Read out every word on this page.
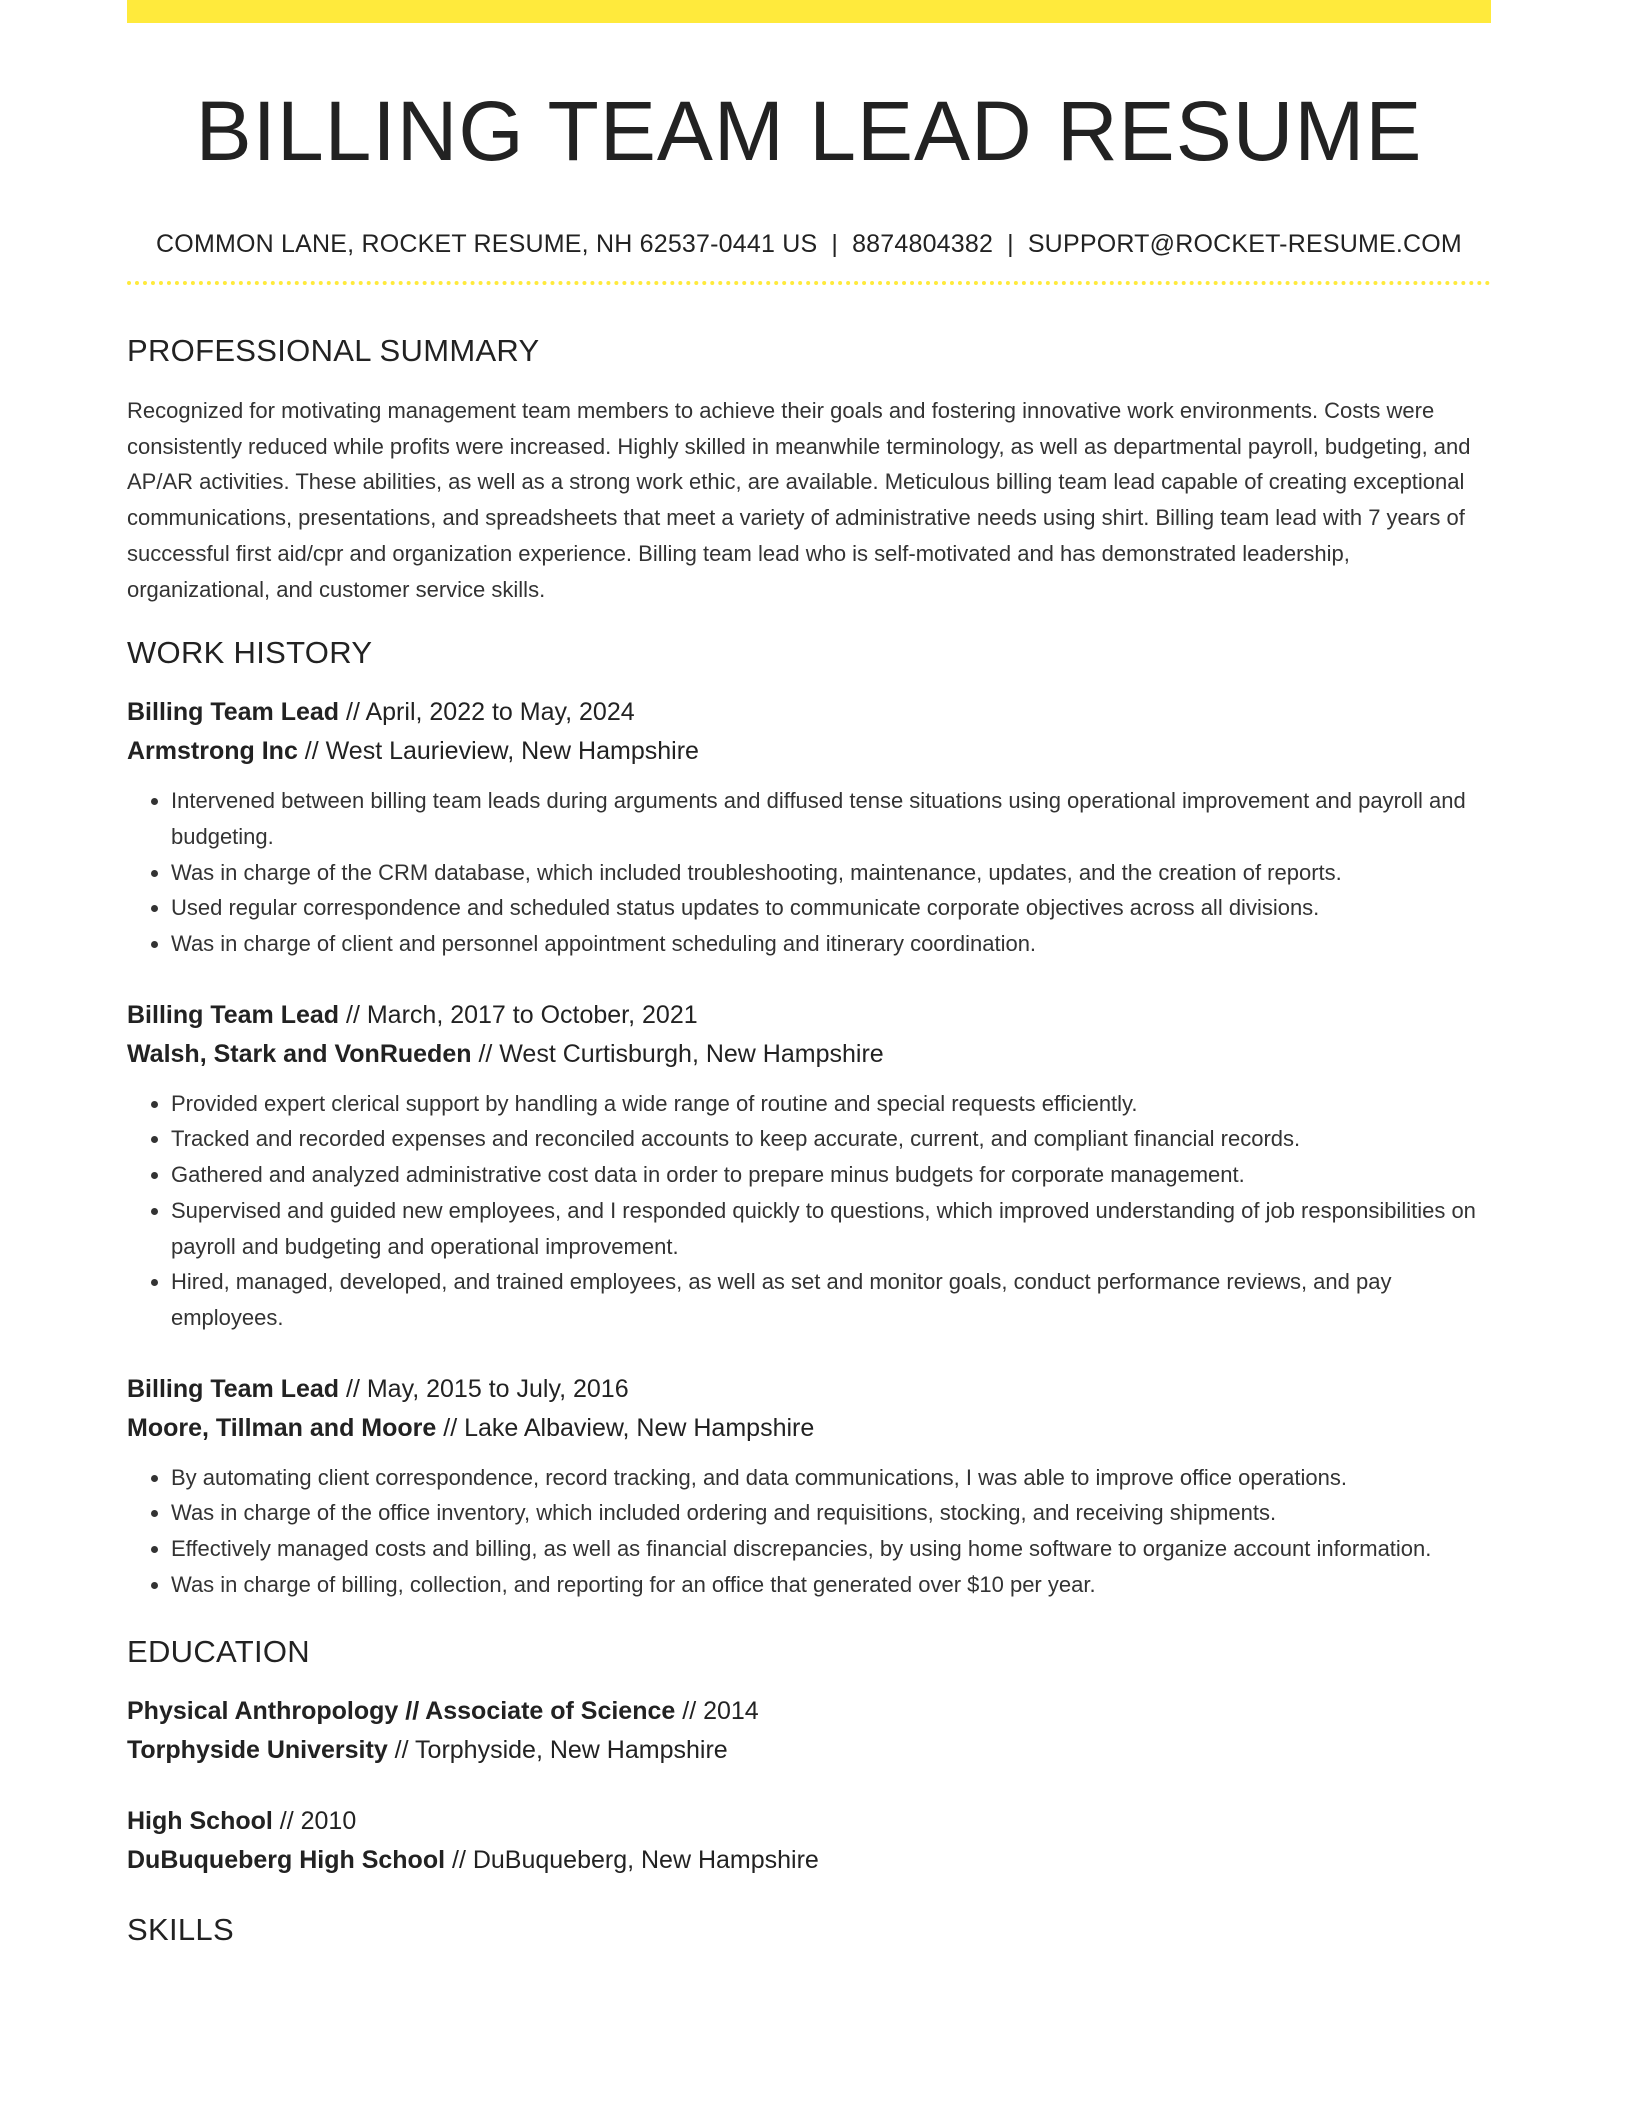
BILLING TEAM LEAD RESUME
COMMON LANE, ROCKET RESUME, NH 62537-0441 US | 8874804382 | SUPPORT@ROCKET-RESUME.COM
PROFESSIONAL SUMMARY
Recognized for motivating management team members to achieve their goals and fostering innovative work environments. Costs were consistently reduced while profits were increased. Highly skilled in meanwhile terminology, as well as departmental payroll, budgeting, and AP/AR activities. These abilities, as well as a strong work ethic, are available. Meticulous billing team lead capable of creating exceptional communications, presentations, and spreadsheets that meet a variety of administrative needs using shirt. Billing team lead with 7 years of successful first aid/cpr and organization experience. Billing team lead who is self-motivated and has demonstrated leadership, organizational, and customer service skills.
WORK HISTORY
Billing Team Lead // April, 2022 to May, 2024
Armstrong Inc // West Laurieview, New Hampshire
• Intervened between billing team leads during arguments and diffused tense situations using operational improvement and payroll and budgeting.
• Was in charge of the CRM database, which included troubleshooting, maintenance, updates, and the creation of reports.
• Used regular correspondence and scheduled status updates to communicate corporate objectives across all divisions.
• Was in charge of client and personnel appointment scheduling and itinerary coordination.
Billing Team Lead // March, 2017 to October, 2021
Walsh, Stark and VonRueden // West Curtisburgh, New Hampshire
• Provided expert clerical support by handling a wide range of routine and special requests efficiently.
• Tracked and recorded expenses and reconciled accounts to keep accurate, current, and compliant financial records.
• Gathered and analyzed administrative cost data in order to prepare minus budgets for corporate management.
• Supervised and guided new employees, and I responded quickly to questions, which improved understanding of job responsibilities on payroll and budgeting and operational improvement.
• Hired, managed, developed, and trained employees, as well as set and monitor goals, conduct performance reviews, and pay employees.
Billing Team Lead // May, 2015 to July, 2016
Moore, Tillman and Moore // Lake Albaview, New Hampshire
• By automating client correspondence, record tracking, and data communications, I was able to improve office operations.
• Was in charge of the office inventory, which included ordering and requisitions, stocking, and receiving shipments.
• Effectively managed costs and billing, as well as financial discrepancies, by using home software to organize account information.
• Was in charge of billing, collection, and reporting for an office that generated over $10 per year.
EDUCATION
Physical Anthropology // Associate of Science // 2014
Torphyside University // Torphyside, New Hampshire
High School // 2010
DuBuqueberg High School // DuBuqueberg, New Hampshire
SKILLS
